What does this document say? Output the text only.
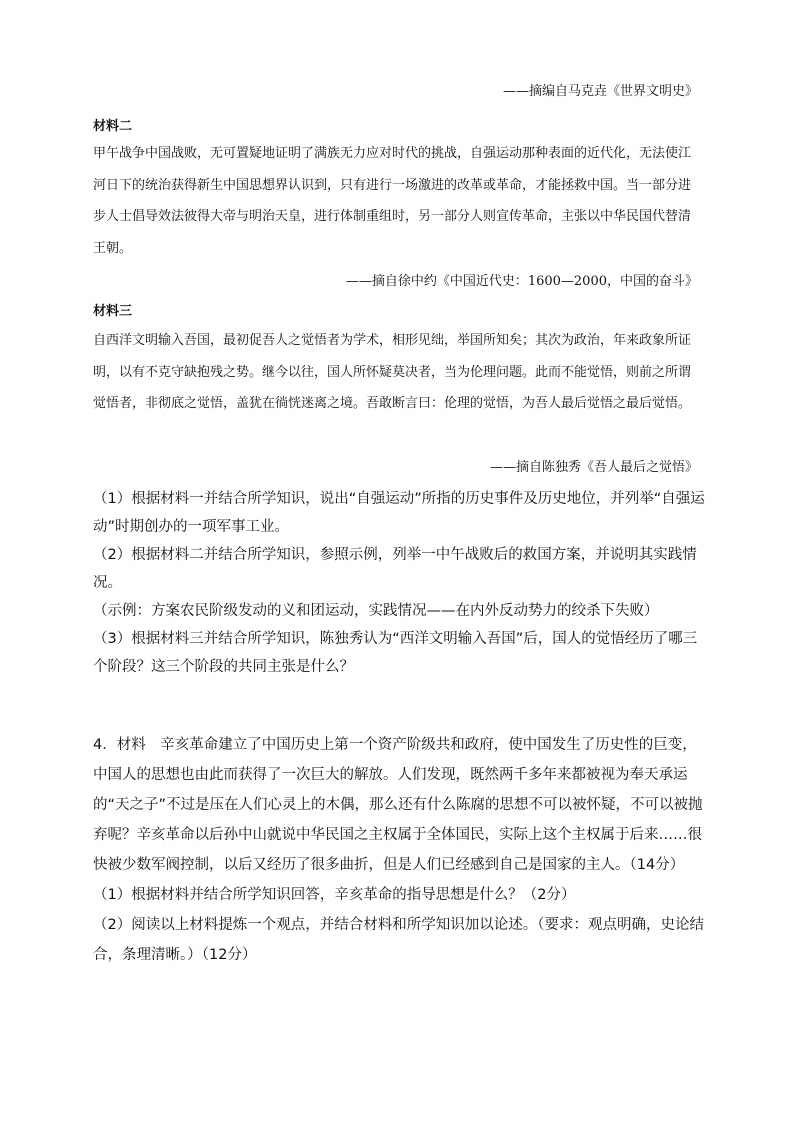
——摘编自马克垚《世界文明史》
材料二
甲午战争中国战败，无可置疑地证明了满族无力应对时代的挑战，自强运动那种表面的近代化，无法使江河日下的统治获得新生中国思想界认识到，只有进行一场激进的改革或革命，才能拯救中国。当一部分进步人士倡导效法彼得大帝与明治天皇，进行体制重组时，另一部分人则宣传革命，主张以中华民国代替清王朝。
——摘自徐中约《中国近代史：1600—2000，中国的奋斗》
材料三
自西洋文明输入吾国，最初促吾人之觉悟者为学术，相形见绌，举国所知矣；其次为政治，年来政象所证明，以有不克守缺抱残之势。继今以往，国人所怀疑莫决者，当为伦理问题。此而不能觉悟，则前之所谓觉悟者，非彻底之觉悟，盖犹在徜恍迷离之境。吾敢断言曰：伦理的觉悟，为吾人最后觉悟之最后觉悟。
——摘自陈独秀《吾人最后之觉悟》

（1）根据材料一并结合所学知识，说出“自强运动”所指的历史事件及历史地位，并列举“自强运动”时期创办的一项军事工业。

（2）根据材料二并结合所学知识，参照示例，列举一中午战败后的救国方案，并说明其实践情况。

（示例：方案农民阶级发动的义和团运动，实践情况——在内外反动势力的绞杀下失败）

（3）根据材料三并结合所学知识，陈独秀认为“西洋文明输入吾国”后，国人的觉悟经历了哪三个阶段？这三个阶段的共同主张是什么？

4．材料　辛亥革命建立了中国历史上第一个资产阶级共和政府，使中国发生了历史性的巨变，中国人的思想也由此而获得了一次巨大的解放。人们发现，既然两千多年来都被视为奉天承运的“天之子”不过是压在人们心灵上的木偶，那么还有什么陈腐的思想不可以被怀疑，不可以被抛弃呢？辛亥革命以后孙中山就说中华民国之主权属于全体国民，实际上这个主权属于后来……很快被少数军阀控制，以后又经历了很多曲折，但是人们已经感到自己是国家的主人。（14分）

（1）根据材料并结合所学知识回答，辛亥革命的指导思想是什么？（2分）

（2）阅读以上材料提炼一个观点，并结合材料和所学知识加以论述。（要求：观点明确，史论结合，条理清晰。）（12分）
